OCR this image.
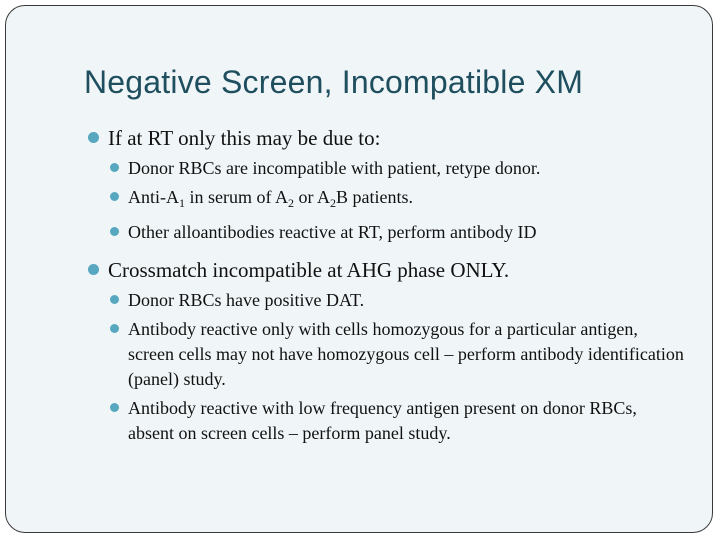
Negative Screen, Incompatible XM
If at RT only this may be due to:
Donor RBCs are incompatible with patient, retype donor.
Anti-$A_1$ in serum of $A_2$ or $A_2B$ patients.
Other alloantibodies reactive at RT, perform antibody ID
Crossmatch incompatible at AHG phase ONLY.
Donor RBCs have positive DAT.
Antibody reactive only with cells homozygous for a particular antigen, screen cells may not have homozygous cell – perform antibody identification (panel) study.
Antibody reactive with low frequency antigen present on donor RBCs, absent on screen cells – perform panel study.
